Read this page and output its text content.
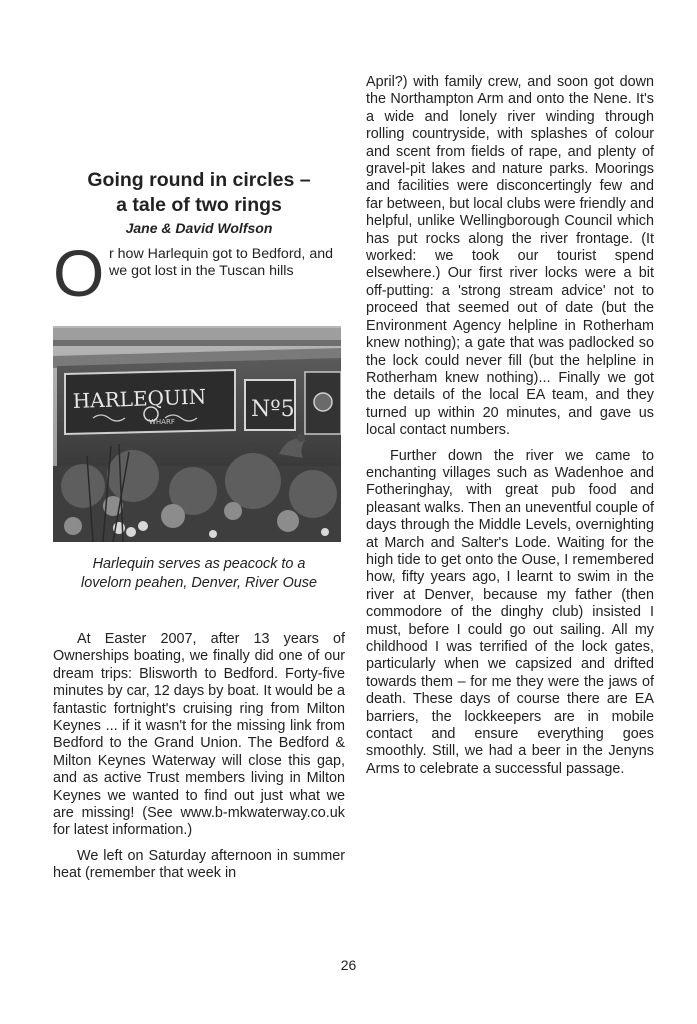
Going round in circles –
a tale of two rings
Jane & David Wolfson
O r how Harlequin got to Bedford, and we got lost in the Tuscan hills
HARLEQUIN
WHARF	Nº5
Harlequin serves as peacock to a
lovelorn peahen, Denver, River Ouse

At Easter 2007, after 13 years of Ownerships boating, we finally did one of our dream trips: Blisworth to Bedford. Forty-five minutes by car, 12 days by boat. It would be a fantastic fortnight's cruising ring from Milton Keynes ... if it wasn't for the missing link from Bedford to the Grand Union. The Bedford & Milton Keynes Waterway will close this gap, and as active Trust members living in Milton Keynes we wanted to find out just what we are missing! (See www.b-mkwaterway.co.uk for latest information.)

We left on Saturday afternoon in summer heat (remember that week in

April?) with family crew, and soon got down the Northampton Arm and onto the Nene. It's a wide and lonely river winding through rolling countryside, with splashes of colour and scent from fields of rape, and plenty of gravel-pit lakes and nature parks. Moorings and facilities were disconcertingly few and far between, but local clubs were friendly and helpful, unlike Wellingborough Council which has put rocks along the river frontage. (It worked: we took our tourist spend elsewhere.) Our first river locks were a bit off-putting: a 'strong stream advice' not to proceed that seemed out of date (but the Environment Agency helpline in Rotherham knew nothing); a gate that was padlocked so the lock could never fill (but the helpline in Rotherham knew nothing)... Finally we got the details of the local EA team, and they turned up within 20 minutes, and gave us local contact numbers.

Further down the river we came to enchanting villages such as Wadenhoe and Fotheringhay, with great pub food and pleasant walks. Then an uneventful couple of days through the Middle Levels, overnighting at March and Salter's Lode. Waiting for the high tide to get onto the Ouse, I remembered how, fifty years ago, I learnt to swim in the river at Denver, because my father (then commodore of the dinghy club) insisted I must, before I could go out sailing. All my childhood I was terrified of the lock gates, particularly when we capsized and drifted towards them – for me they were the jaws of death. These days of course there are EA barriers, the lockkeepers are in mobile contact and ensure everything goes smoothly. Still, we had a beer in the Jenyns Arms to celebrate a successful passage.

26
